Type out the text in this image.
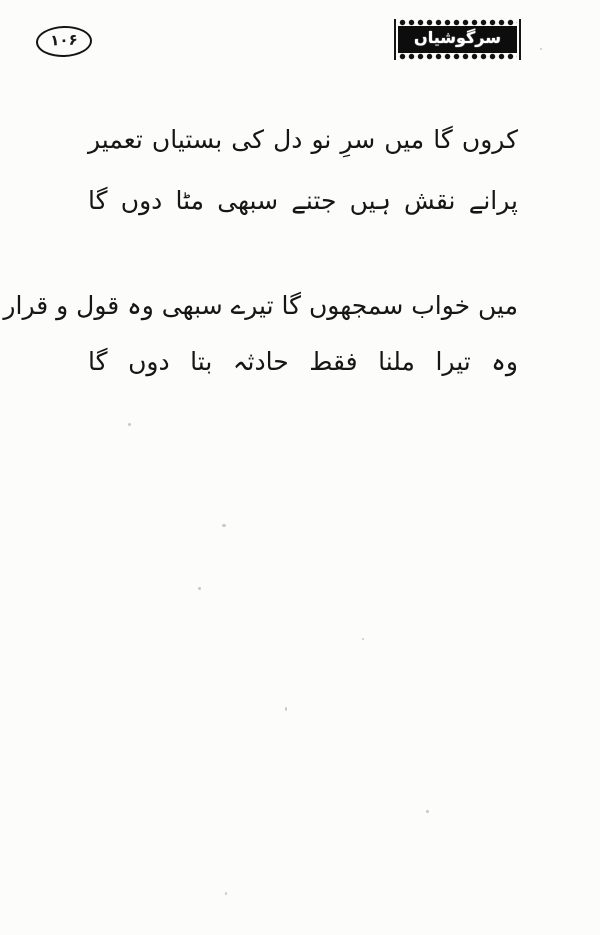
۱۰۶	سرگوشیاں
کروں گا میں سرِ نو دل کی بستیاں تعمیر
پرانے نقش ہیں جتنے سبھی مٹا دوں گا
میں خواب سمجھوں گا تیرے سبھی وہ قول و قرار
وہ تیرا ملنا فقط حادثہ بتا دوں گا
